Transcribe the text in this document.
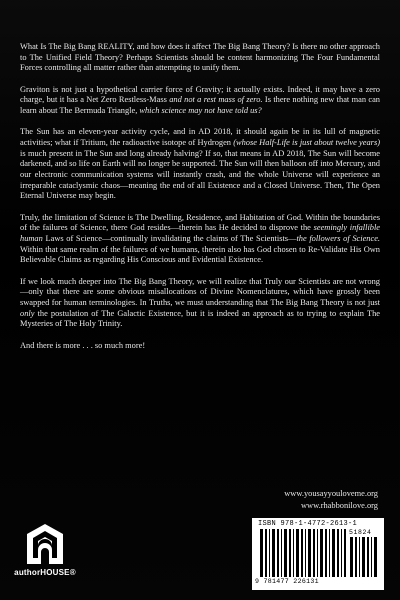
What Is The Big Bang REALITY, and how does it affect The Big Bang Theory? Is there no other approach to The Unified Field Theory? Perhaps Scientists should be content harmonizing The Four Fundamental Forces controlling all matter rather than attempting to unify them.

Graviton is not just a hypothetical carrier force of Gravity; it actually exists. Indeed, it may have a zero charge, but it has a Net Zero Restless-Mass and not a rest mass of zero. Is there nothing new that man can learn about The Bermuda Triangle, which science may not have told us?

The Sun has an eleven-year activity cycle, and in AD 2018, it should again be in its lull of magnetic activities; what if Tritium, the radioactive isotope of Hydrogen (whose Half-Life is just about twelve years) is much present in The Sun and long already halving? If so, that means in AD 2018, The Sun will become darkened, and so life on Earth will no longer be supported. The Sun will then balloon off into Mercury, and our electronic communication systems will instantly crash, and the whole Universe will experience an irreparable cataclysmic chaos—meaning the end of all Existence and a Closed Universe. Then, The Open Eternal Universe may begin.

Truly, the limitation of Science is The Dwelling, Residence, and Habitation of God. Within the boundaries of the failures of Science, there God resides—therein has He decided to disprove the seemingly infallible human Laws of Science—continually invalidating the claims of The Scientists—the followers of Science. Within that same realm of the failures of we humans, therein also has God chosen to Re-Validate His Own Believable Claims as regarding His Conscious and Evidential Existence.

If we look much deeper into The Big Bang Theory, we will realize that Truly our Scientists are not wrong—only that there are some obvious misallocations of Divine Nomenclatures, which have grossly been swapped for human terminologies. In Truths, we must understanding that The Big Bang Theory is not just only the postulation of The Galactic Existence, but it is indeed an approach as to trying to explain The Mysteries of The Holy Trinity.

And there is more . . . so much more!

www.yousayyouloveme.org
www.rhabbonilove.org
authorHOUSE®
ISBN 978-1-4772-2613-1
51824
9 781477 226131
